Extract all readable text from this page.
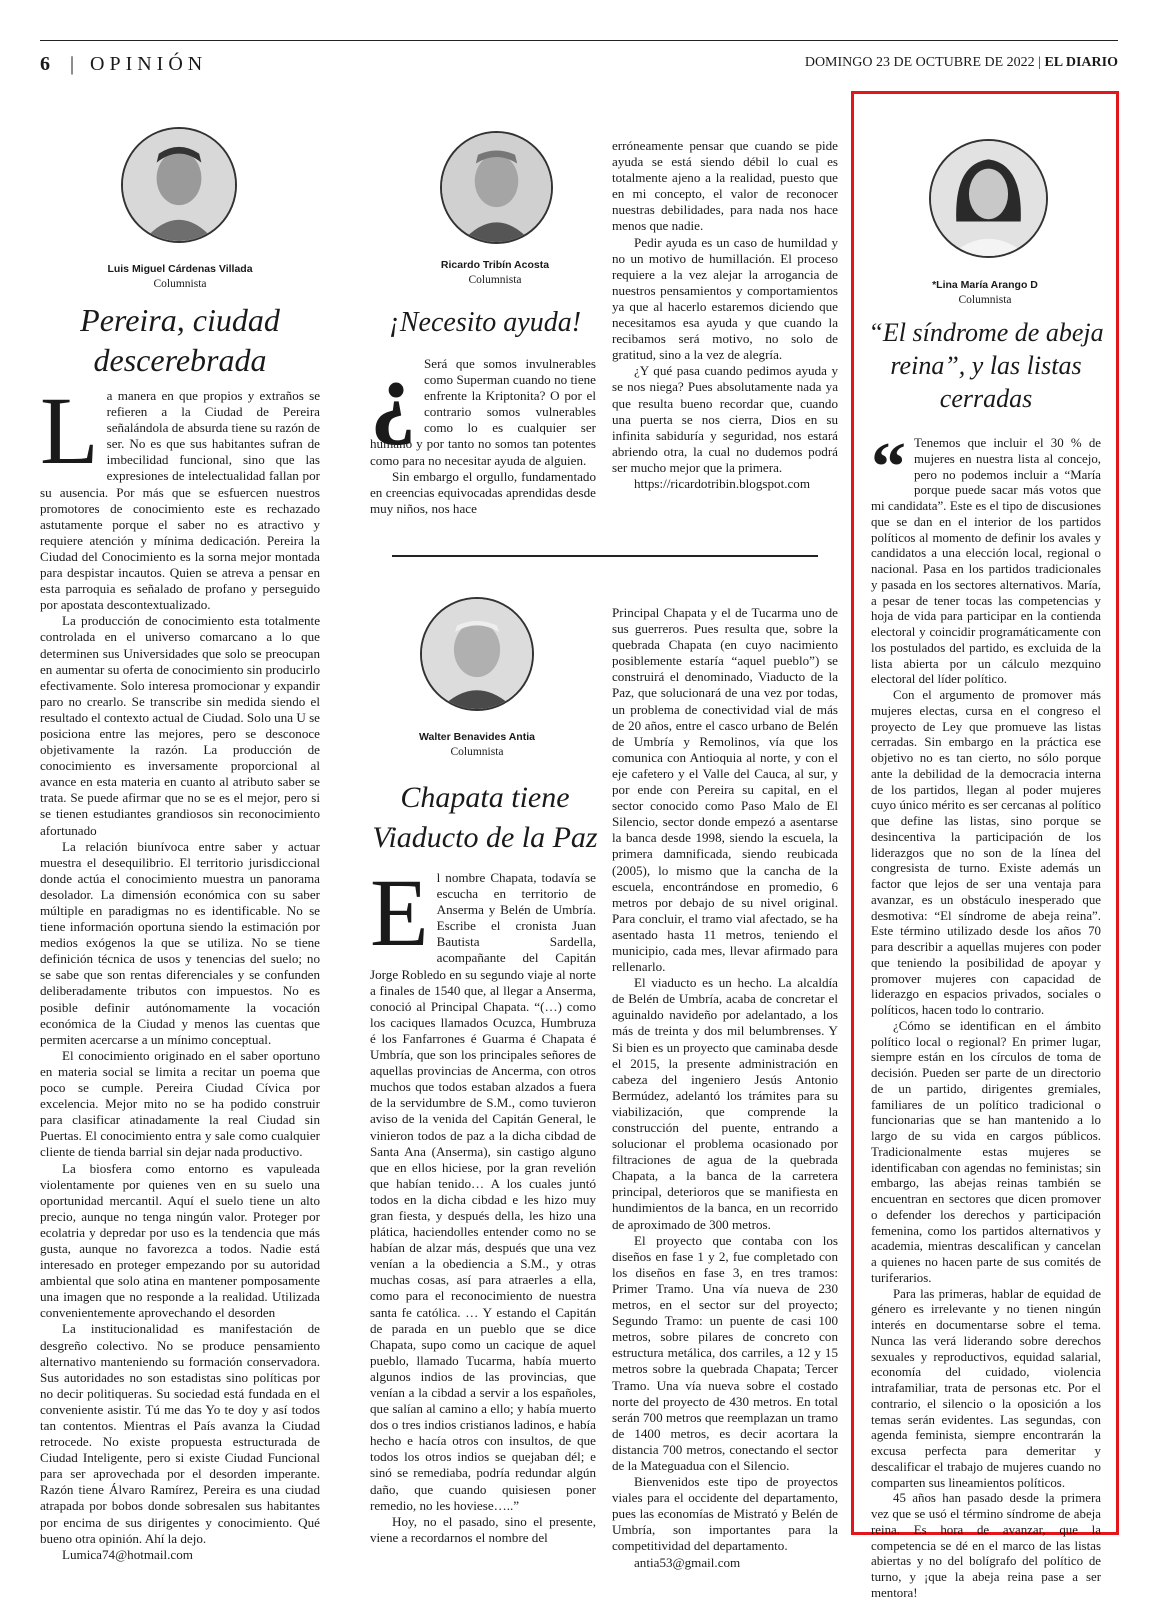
6 | OPINIÓN	DOMINGO 23 DE OCTUBRE DE 2022 | EL DIARIO
Luis Miguel Cárdenas Villada
Columnista
Pereira, ciudad
descerebrada

La manera en que propios y extraños se refieren a la Ciudad de Pereira señalándola de absurda tiene su razón de ser. No es que sus habitantes sufran de imbecilidad funcional, sino que las expresiones de intelectualidad fallan por su ausencia. Por más que se esfuercen nuestros promotores de conocimiento este es rechazado astutamente porque el saber no es atractivo y requiere atención y mínima dedicación. Pereira la Ciudad del Conocimiento es la sorna mejor montada para despistar incautos. Quien se atreva a pensar en esta parroquia es señalado de profano y perseguido por apostata descontextualizado.

La producción de conocimiento esta totalmente controlada en el universo comarcano a lo que determinen sus Universidades que solo se preocupan en aumentar su oferta de conocimiento sin producirlo efectivamente. Solo interesa promocionar y expandir paro no crearlo. Se transcribe sin medida siendo el resultado el contexto actual de Ciudad. Solo una U se posiciona entre las mejores, pero se desconoce objetivamente la razón. La producción de conocimiento es inversamente proporcional al avance en esta materia en cuanto al atributo saber se trata. Se puede afirmar que no se es el mejor, pero si se tienen estudiantes grandiosos sin reconocimiento afortunado

La relación biunívoca entre saber y actuar muestra el desequilibrio. El territorio jurisdiccional donde actúa el conocimiento muestra un panorama desolador. La dimensión económica con su saber múltiple en paradigmas no es identificable. No se tiene información oportuna siendo la estimación por medios exógenos la que se utiliza. No se tiene definición técnica de usos y tenencias del suelo; no se sabe que son rentas diferenciales y se confunden deliberadamente tributos con impuestos. No es posible definir autónomamente la vocación económica de la Ciudad y menos las cuentas que permiten acercarse a un mínimo conceptual.

El conocimiento originado en el saber oportuno en materia social se limita a recitar un poema que poco se cumple. Pereira Ciudad Cívica por excelencia. Mejor mito no se ha podido construir para clasificar atinadamente la real Ciudad sin Puertas. El conocimiento entra y sale como cualquier cliente de tienda barrial sin dejar nada productivo.

La biosfera como entorno es vapuleada violentamente por quienes ven en su suelo una oportunidad mercantil. Aquí el suelo tiene un alto precio, aunque no tenga ningún valor. Proteger por ecolatria y depredar por uso es la tendencia que más gusta, aunque no favorezca a todos. Nadie está interesado en proteger empezando por su autoridad ambiental que solo atina en mantener pomposamente una imagen que no responde a la realidad. Utilizada convenientemente aprovechando el desorden

La institucionalidad es manifestación de desgreño colectivo. No se produce pensamiento alternativo manteniendo su formación conservadora. Sus autoridades no son estadistas sino políticas por no decir politiqueras. Su sociedad está fundada en el conveniente asistir. Tú me das Yo te doy y así todos tan contentos. Mientras el País avanza la Ciudad retrocede. No existe propuesta estructurada de Ciudad Inteligente, pero si existe Ciudad Funcional para ser aprovechada por el desorden imperante. Razón tiene Álvaro Ramírez, Pereira es una ciudad atrapada por bobos donde sobresalen sus habitantes por encima de sus dirigentes y conocimiento. Qué bueno otra opinión. Ahí la dejo.

Lumica74@hotmail.com

Ricardo Tribín Acosta
Columnista
¡Necesito ayuda!

¿ Será que somos invulnerables como Superman cuando no tiene enfrente la Kriptonita? O por el contrario somos vulnerables como lo es cualquier ser humano y por tanto no somos tan potentes como para no necesitar ayuda de alguien.

Sin embargo el orgullo, fundamentado en creencias equivocadas aprendidas desde muy niños, nos hace

erróneamente pensar que cuando se pide ayuda se está siendo débil lo cual es totalmente ajeno a la realidad, puesto que en mi concepto, el valor de reconocer nuestras debilidades, para nada nos hace menos que nadie.

Pedir ayuda es un caso de humildad y no un motivo de humillación. El proceso requiere a la vez alejar la arrogancia de nuestros pensamientos y comportamientos ya que al hacerlo estaremos diciendo que necesitamos esa ayuda y que cuando la recibamos será motivo, no solo de gratitud, sino a la vez de alegría.

¿Y qué pasa cuando pedimos ayuda y se nos niega? Pues absolutamente nada ya que resulta bueno recordar que, cuando una puerta se nos cierra, Dios en su infinita sabiduría y seguridad, nos estará abriendo otra, la cual no dudemos podrá ser mucho mejor que la primera.

https://ricardotribin.blogspot.com

Walter Benavides Antia
Columnista
Chapata tiene
Viaducto de la Paz

El nombre Chapata, todavía se escucha en territorio de Anserma y Belén de Umbría. Escribe el cronista Juan Bautista Sardella, acompañante del Capitán Jorge Robledo en su segundo viaje al norte a finales de 1540 que, al llegar a Anserma, conoció al Principal Chapata. “(…) como los caciques llamados Ocuzca, Humbruza é los Fanfarrones é Guarma é Chapata é Umbría, que son los principales señores de aquellas provincias de Ancerma, con otros muchos que todos estaban alzados a fuera de la servidumbre de S.M., como tuvieron aviso de la venida del Capitán General, le vinieron todos de paz a la dicha cibdad de Santa Ana (Anserma), sin castigo alguno que en ellos hiciese, por la gran revelión que habían tenido… A los cuales juntó todos en la dicha cibdad e les hizo muy gran fiesta, y después della, les hizo una plática, haciendolles entender como no se habían de alzar más, después que una vez venían a la obediencia a S.M., y otras muchas cosas, así para atraerles a ella, como para el reconocimiento de nuestra santa fe católica. … Y estando el Capitán de parada en un pueblo que se dice Chapata, supo como un cacique de aquel pueblo, llamado Tucarma, había muerto algunos indios de las provincias, que venían a la cibdad a servir a los españoles, que salían al camino a ello; y había muerto dos o tres indios cristianos ladinos, e había hecho e hacía otros con insultos, de que todos los otros indios se quejaban dél; e sinó se remediaba, podría redundar algún daño, que cuando quisiesen poner remedio, no les hoviese…..”

Hoy, no el pasado, sino el presente, viene a recordarnos el nombre del

Principal Chapata y el de Tucarma uno de sus guerreros. Pues resulta que, sobre la quebrada Chapata (en cuyo nacimiento posiblemente estaría “aquel pueblo”) se construirá el denominado, Viaducto de la Paz, que solucionará de una vez por todas, un problema de conectividad vial de más de 20 años, entre el casco urbano de Belén de Umbría y Remolinos, vía que los comunica con Antioquia al norte, y con el eje cafetero y el Valle del Cauca, al sur, y por ende con Pereira su capital, en el sector conocido como Paso Malo de El Silencio, sector donde empezó a asentarse la banca desde 1998, siendo la escuela, la primera damnificada, siendo reubicada (2005), lo mismo que la cancha de la escuela, encontrándose en promedio, 6 metros por debajo de su nivel original. Para concluir, el tramo vial afectado, se ha asentado hasta 11 metros, teniendo el municipio, cada mes, llevar afirmado para rellenarlo.

El viaducto es un hecho. La alcaldía de Belén de Umbría, acaba de concretar el aguinaldo navideño por adelantado, a los más de treinta y dos mil belumbrenses. Y Si bien es un proyecto que caminaba desde el 2015, la presente administración en cabeza del ingeniero Jesús Antonio Bermúdez, adelantó los trámites para su viabilización, que comprende la construcción del puente, entrando a solucionar el problema ocasionado por filtraciones de agua de la quebrada Chapata, a la banca de la carretera principal, deterioros que se manifiesta en hundimientos de la banca, en un recorrido de aproximado de 300 metros.

El proyecto que contaba con los diseños en fase 1 y 2, fue completado con los diseños en fase 3, en tres tramos: Primer Tramo. Una vía nueva de 230 metros, en el sector sur del proyecto; Segundo Tramo: un puente de casi 100 metros, sobre pilares de concreto con estructura metálica, dos carriles, a 12 y 15 metros sobre la quebrada Chapata; Tercer Tramo. Una vía nueva sobre el costado norte del proyecto de 430 metros. En total serán 700 metros que reemplazan un tramo de 1400 metros, es decir acortara la distancia 700 metros, conectando el sector de la Mateguadua con el Silencio.

Bienvenidos este tipo de proyectos viales para el occidente del departamento, pues las economías de Mistrató y Belén de Umbría, son importantes para la competitividad del departamento.

antia53@gmail.com

*Lina María Arango D
Columnista
“El síndrome de abeja
reina”, y las listas
cerradas

“ Tenemos que incluir el 30 % de mujeres en nuestra lista al concejo, pero no podemos incluir a “María porque puede sacar más votos que mi candidata”. Este es el tipo de discusiones que se dan en el interior de los partidos políticos al momento de definir los avales y candidatos a una elección local, regional o nacional. Pasa en los partidos tradicionales y pasada en los sectores alternativos. María, a pesar de tener tocas las competencias y hoja de vida para participar en la contienda electoral y coincidir programáticamente con los postulados del partido, es excluida de la lista abierta por un cálculo mezquino electoral del líder político.

Con el argumento de promover más mujeres electas, cursa en el congreso el proyecto de Ley que promueve las listas cerradas. Sin embargo en la práctica ese objetivo no es tan cierto, no sólo porque ante la debilidad de la democracia interna de los partidos, llegan al poder mujeres cuyo único mérito es ser cercanas al político que define las listas, sino porque se desincentiva la participación de los liderazgos que no son de la línea del congresista de turno. Existe además un factor que lejos de ser una ventaja para avanzar, es un obstáculo inesperado que desmotiva: “El síndrome de abeja reina”. Este término utilizado desde los años 70 para describir a aquellas mujeres con poder que teniendo la posibilidad de apoyar y promover mujeres con capacidad de liderazgo en espacios privados, sociales o políticos, hacen todo lo contrario.

¿Cómo se identifican en el ámbito político local o regional? En primer lugar, siempre están en los círculos de toma de decisión. Pueden ser parte de un directorio de un partido, dirigentes gremiales, familiares de un político tradicional o funcionarias que se han mantenido a lo largo de su vida en cargos públicos. Tradicionalmente estas mujeres se identificaban con agendas no feministas; sin embargo, las abejas reinas también se encuentran en sectores que dicen promover o defender los derechos y participación femenina, como los partidos alternativos y academia, mientras descalifican y cancelan a quienes no hacen parte de sus comités de turiferarios.

Para las primeras, hablar de equidad de género es irrelevante y no tienen ningún interés en documentarse sobre el tema. Nunca las verá liderando sobre derechos sexuales y reproductivos, equidad salarial, economía del cuidado, violencia intrafamiliar, trata de personas etc. Por el contrario, el silencio o la oposición a los temas serán evidentes. Las segundas, con agenda feminista, siempre encontrarán la excusa perfecta para demeritar y descalificar el trabajo de mujeres cuando no comparten sus lineamientos políticos.

45 años han pasado desde la primera vez que se usó el término síndrome de abeja reina. Es hora de avanzar, que la competencia se dé en el marco de las listas abiertas y no del bolígrafo del político de turno, y ¡que la abeja reina pase a ser mentora!
